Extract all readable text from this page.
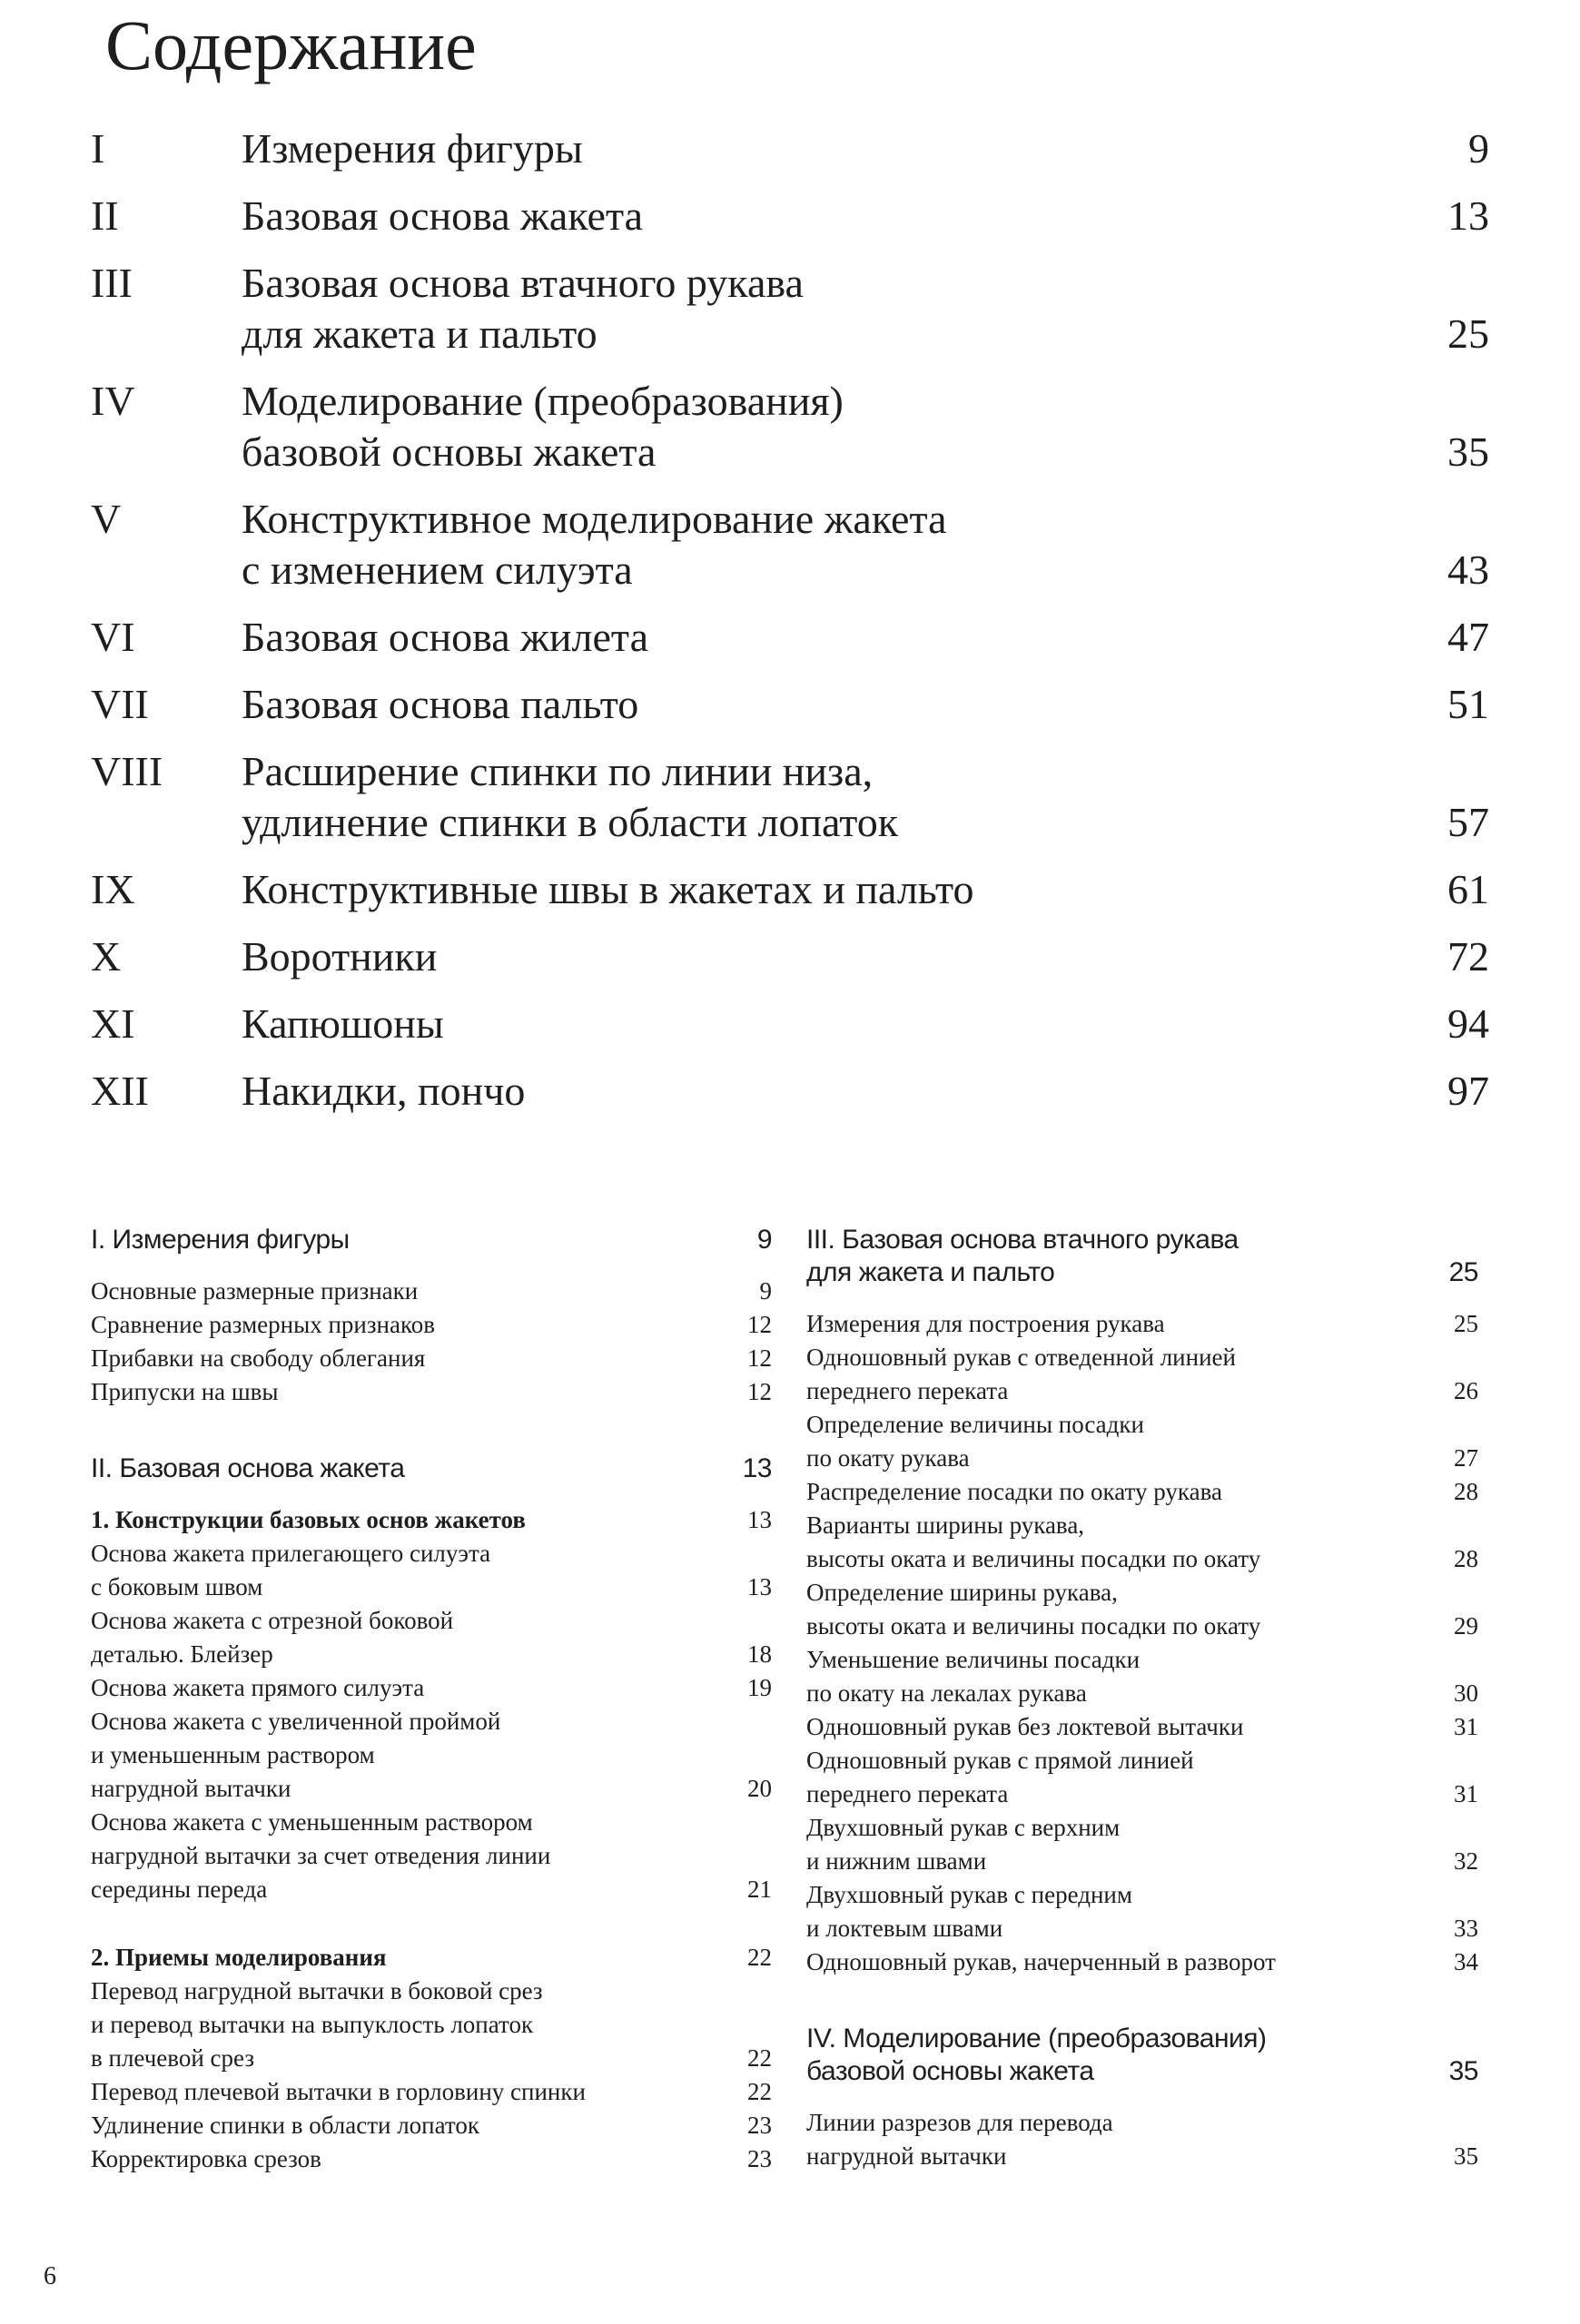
Содержание
I	Измерения фигуры	9
II	Базовая основа жакета	13
III	Базовая основа втачного рукава
для жакета и пальто	25
IV	Моделирование (преобразования)
базовой основы жакета	35
V	Конструктивное моделирование жакета
с изменением силуэта	43
VI	Базовая основа жилета	47
VII	Базовая основа пальто	51
VIII	Расширение спинки по линии низа,
удлинение спинки в области лопаток	57
IX	Конструктивные швы в жакетах и пальто	61
X	Воротники	72
XI	Капюшоны	94
XII	Накидки, пончо	97
I. Измерения фигуры	9
Основные размерные признаки	9
Сравнение размерных признаков	12
Прибавки на свободу облегания	12
Припуски на швы	12
II. Базовая основа жакета	13
1. Конструкции базовых основ жакетов	13
Основа жакета прилегающего силуэта
с боковым швом	13
Основа жакета с отрезной боковой
деталью. Блейзер	18
Основа жакета прямого силуэта	19
Основа жакета с увеличенной проймой
и уменьшенным раствором
нагрудной вытачки	20
Основа жакета с уменьшенным раствором
нагрудной вытачки за счет отведения линии
середины переда	21
2. Приемы моделирования	22
Перевод нагрудной вытачки в боковой срез
и перевод вытачки на выпуклость лопаток
в плечевой срез	22
Перевод плечевой вытачки в горловину спинки	22
Удлинение спинки в области лопаток	23
Корректировка срезов	23
III. Базовая основа втачного рукава
для жакета и пальто	25
Измерения для построения рукава	25
Одношовный рукав с отведенной линией
переднего переката	26
Определение величины посадки
по окату рукава	27
Распределение посадки по окату рукава	28
Варианты ширины рукава,
высоты оката и величины посадки по окату	28
Определение ширины рукава,
высоты оката и величины посадки по окату	29
Уменьшение величины посадки
по окату на лекалах рукава	30
Одношовный рукав без локтевой вытачки	31
Одношовный рукав с прямой линией
переднего переката	31
Двухшовный рукав с верхним
и нижним швами	32
Двухшовный рукав с передним
и локтевым швами	33
Одношовный рукав, начерченный в разворот	34
IV. Моделирование (преобразования)
базовой основы жакета	35
Линии разрезов для перевода
нагрудной вытачки	35
6
